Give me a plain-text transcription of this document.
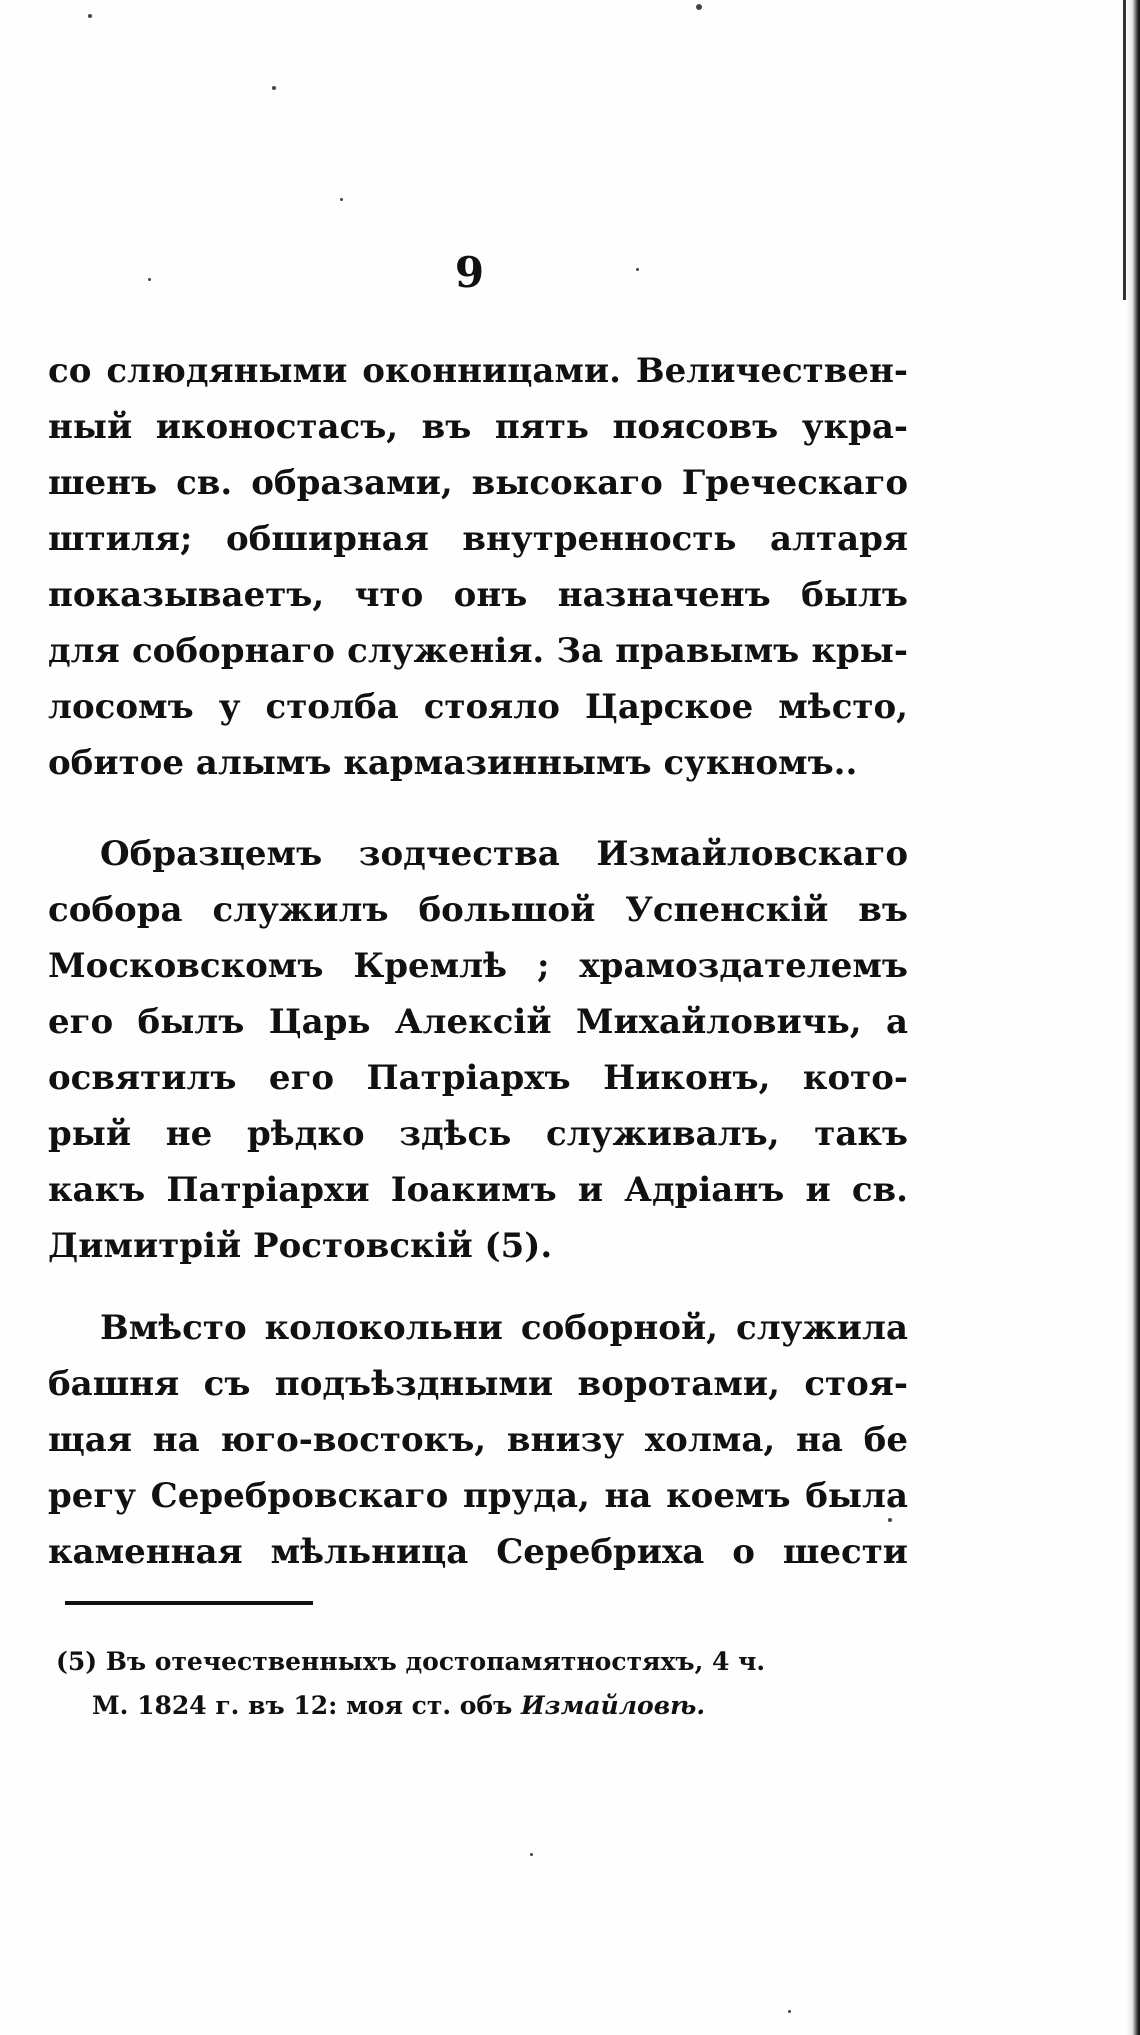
9
со слюдяными оконницами. Величествен-
ный иконостасъ, въ пять поясовъ укра-
шенъ св. образами, высокаго Греческаго
штиля; обширная внутренность алтаря
показываетъ, что онъ назначенъ былъ
для соборнаго служенія. За правымъ кры-
лосомъ у столба стояло Царское мѣсто,
обитое алымъ кармазиннымъ сукномъ..
Образцемъ зодчества Измайловскаго
собора служилъ большой Успенскій въ
Московскомъ Кремлѣ ; храмоздателемъ
его былъ Царь Алексій Михайловичь, а
освятилъ его Патріархъ Никонъ, кото-
рый не рѣдко здѣсь служивалъ, такъ
какъ Патріархи Іоакимъ и Адріанъ и св.
Димитрій Ростовскій (5).
Вмѣсто колокольни соборной, служила
башня съ подъѣздными воротами, стоя-
щая на юго-востокъ, внизу холма, на бе
регу Серебровскаго пруда, на коемъ была
каменная мѣльница Серебриха о шести
(5) Въ отечественныхъ достопамятностяхъ, 4 ч.
М. 1824 г. въ 12: моя ст. объ Измайловѣ.
